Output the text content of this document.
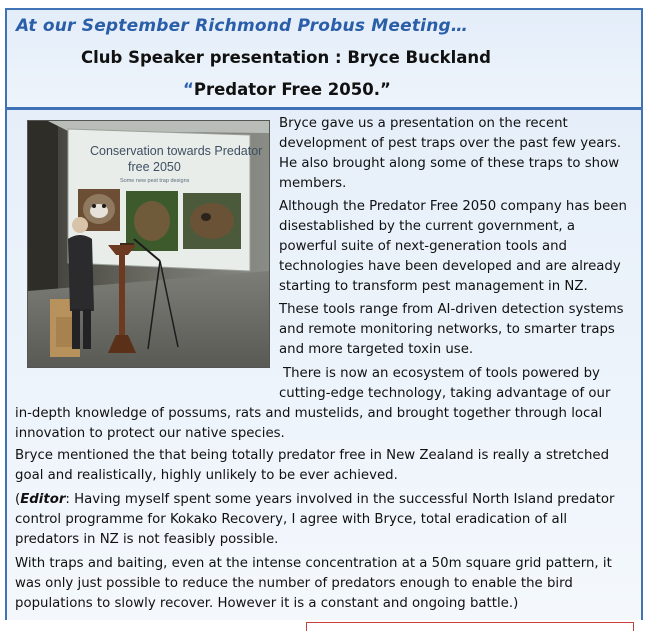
At our September Richmond Probus Meeting…
Club Speaker presentation : Bryce Buckland
“Predator Free 2050.”
Conservation towards Predator
free 2050
Some new pest trap designs

Bryce gave us a presentation on the recent development of pest traps over the past few years. He also brought along some of these traps to show members.

Although the Predator Free 2050 company has been disestablished by the current government, a powerful suite of next-generation tools and technologies have been developed and are already starting to transform pest management in NZ.

These tools range from AI-driven detection systems and remote monitoring networks, to smarter traps and more targeted toxin use.

There is now an ecosystem of tools powered by cutting-edge technology, taking advantage of our

in-depth knowledge of possums, rats and mustelids, and brought together through local innovation to protect our native species.

Bryce mentioned the that being totally predator free in New Zealand is really a stretched goal and realistically, highly unlikely to be ever achieved.

(Editor: Having myself spent some years involved in the successful North Island predator control programme for Kokako Recovery, I agree with Bryce, total eradication of all predators in NZ is not feasibly possible.

With traps and baiting, even at the intense concentration at a 50m square grid pattern, it was only just possible to reduce the number of predators enough to enable the bird populations to slowly recover. However it is a constant and ongoing battle.)
